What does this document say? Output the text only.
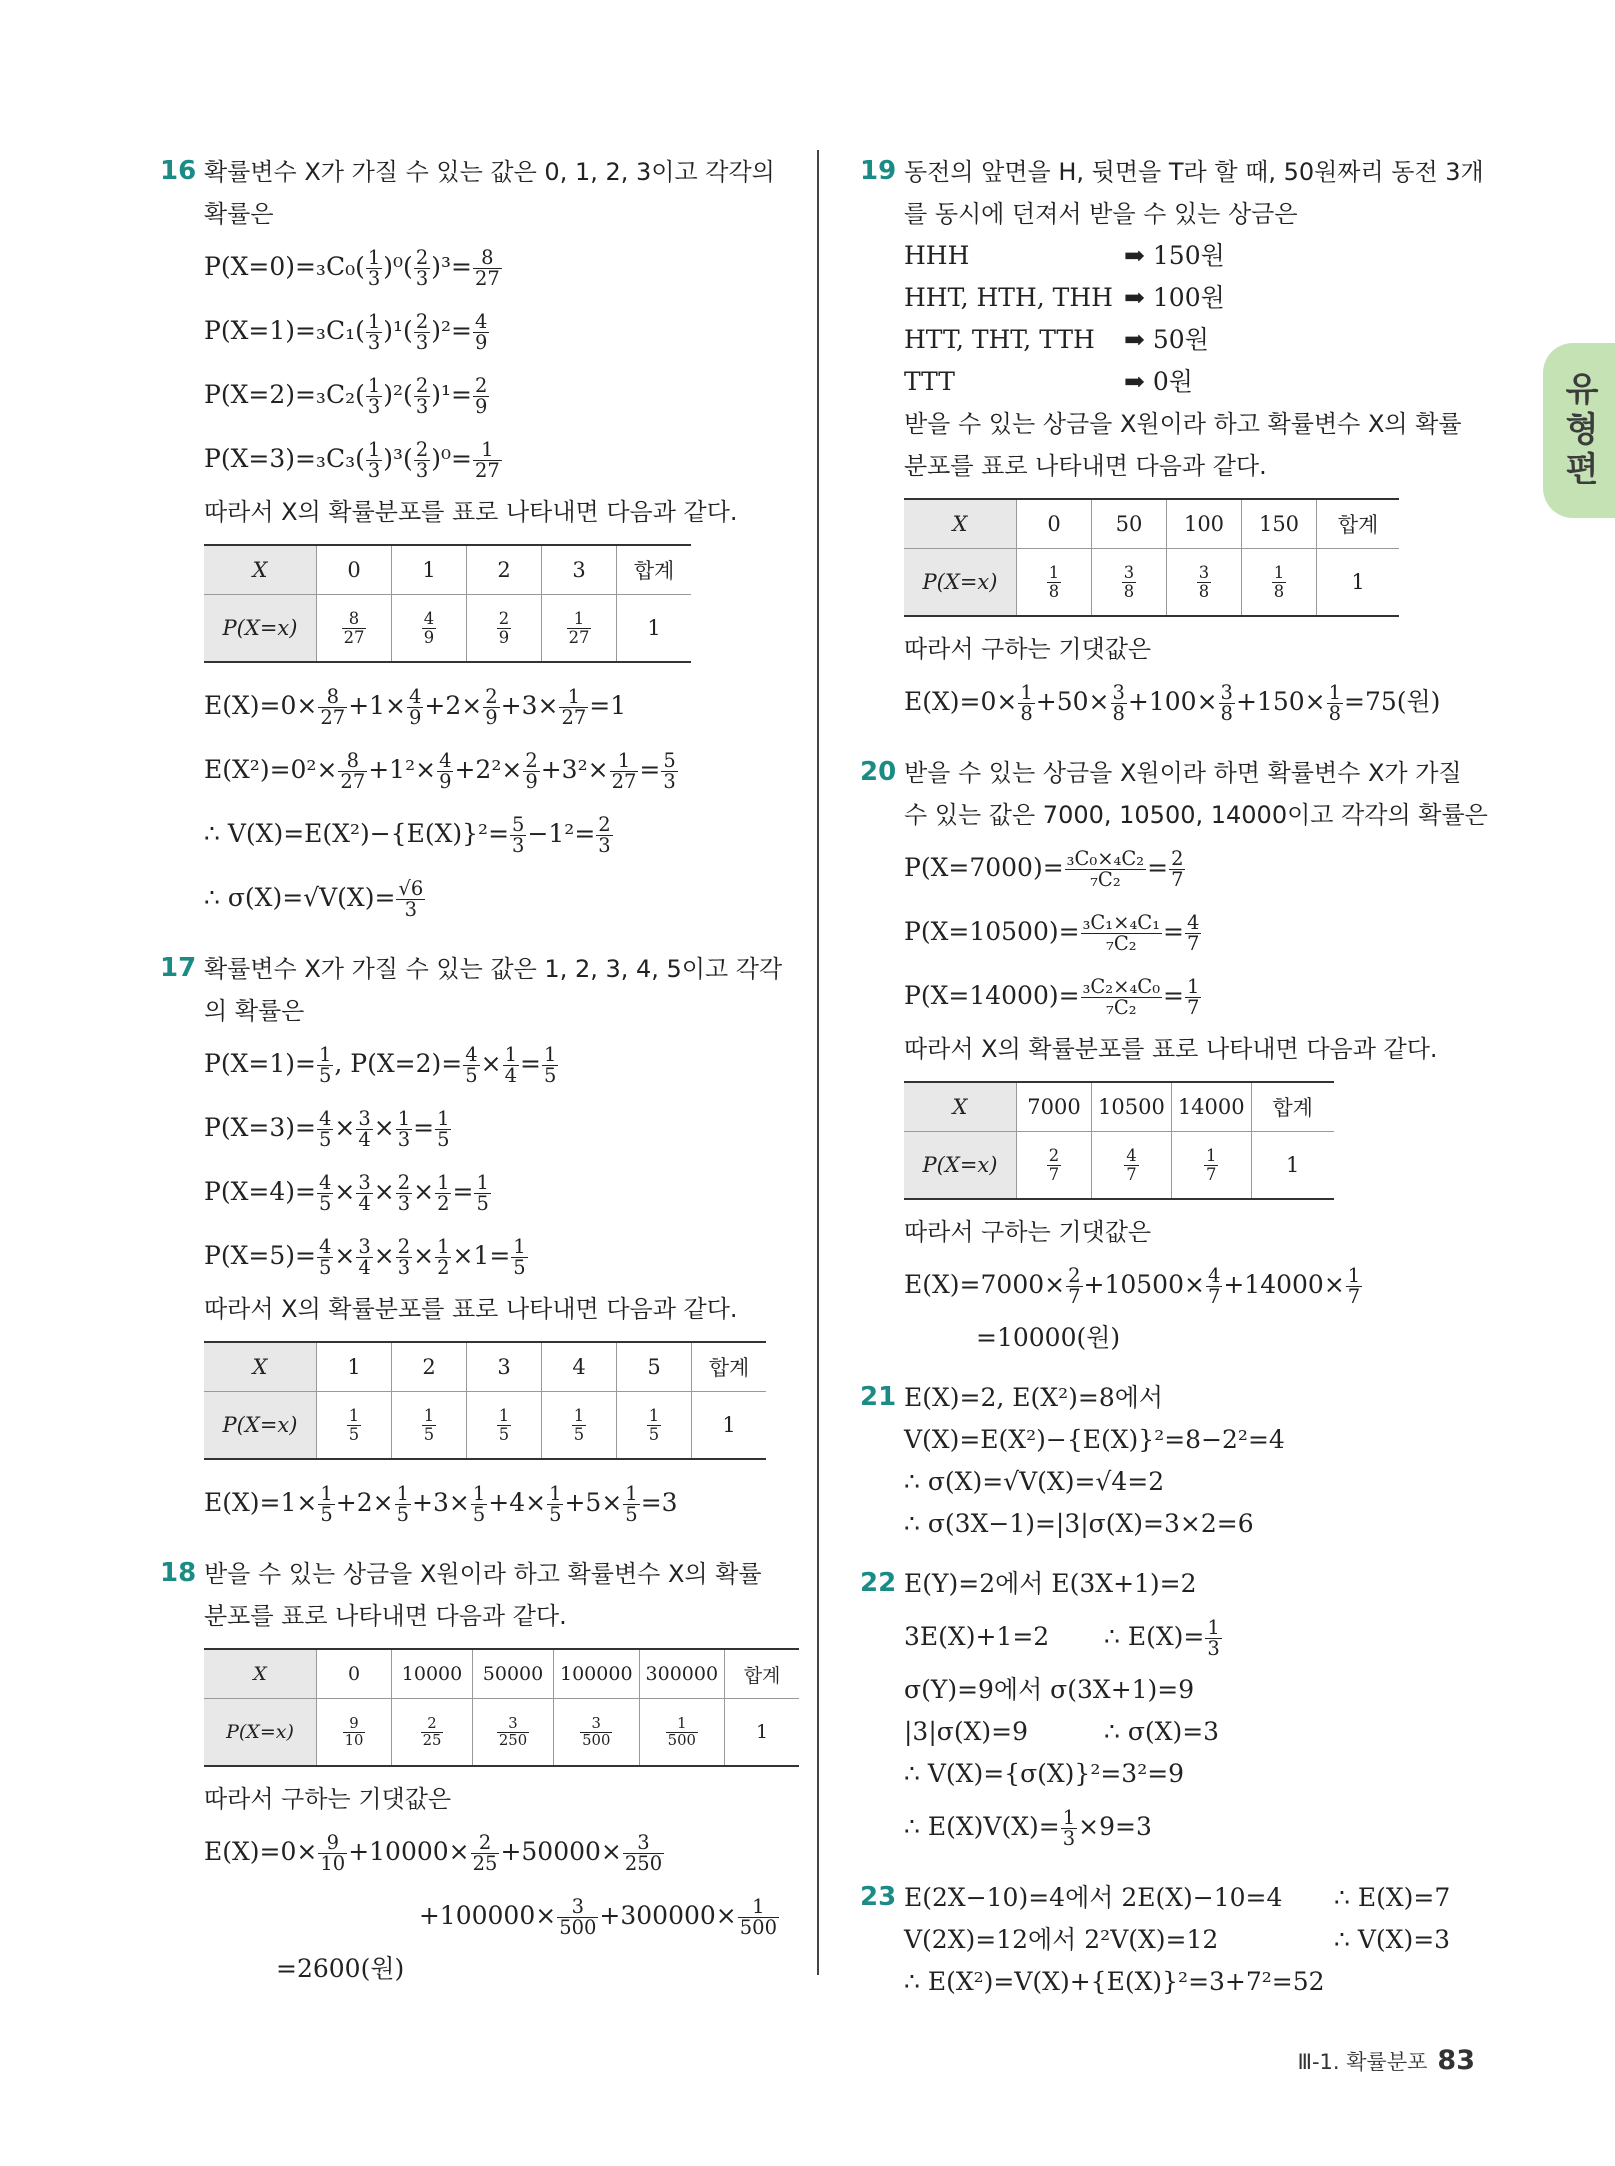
16 확률변수 X가 가질 수 있는 값은 0, 1, 2, 3이고 각각의
확률은
$P(X=0)=_3C_0( \frac{1}{3} )^0( \frac{2}{3} )^3= \frac{8}{27}$
$P(X=1)=_3C_1( \frac{1}{3} )^1( \frac{2}{3} )^2= \frac{4}{9}$
$P(X=2)=_3C_2( \frac{1}{3} )^2( \frac{2}{3} )^1= \frac{2}{9}$
$P(X=3)=_3C_3( \frac{1}{3} )^3( \frac{2}{3} )^0= \frac{1}{27}$
따라서 X의 확률분포를 표로 나타내면 다음과 같다.
X	0	1	2	3	합계
P(X=x)	$\frac{8}{27}$	$\frac{4}{9}$	$\frac{2}{9}$	$\frac{1}{27}$	1
$E(X)=0\times \frac{8}{27} +1\times \frac{4}{9} +2\times \frac{2}{9} +3\times \frac{1}{27} =1$
$E(X^2)=0^2\times \frac{8}{27} +1^2\times \frac{4}{9} +2^2\times \frac{2}{9} +3^2\times \frac{1}{27} = \frac{5}{3}$
∴ $V(X)=E(X^2)-\{E(X)\}^2= \frac{5}{3} -1^2= \frac{2}{3}$
∴ $\sigma(X)=√V(X)= \frac{√6}{3}$
17 확률변수 X가 가질 수 있는 값은 1, 2, 3, 4, 5이고 각각
의 확률은
$P(X=1)= \frac{1}{5}$ , $P(X=2)= \frac{4}{5} \times \frac{1}{4} = \frac{1}{5}$
$P(X=3)= \frac{4}{5} \times \frac{3}{4} \times \frac{1}{3} = \frac{1}{5}$
$P(X=4)= \frac{4}{5} \times \frac{3}{4} \times \frac{2}{3} \times \frac{1}{2} = \frac{1}{5}$
$P(X=5)= \frac{4}{5} \times \frac{3}{4} \times \frac{2}{3} \times \frac{1}{2} \times 1= \frac{1}{5}$
따라서 X의 확률분포를 표로 나타내면 다음과 같다.
X	1	2	3	4	5	합계
P(X=x)	$\frac{1}{5}$	$\frac{1}{5}$	$\frac{1}{5}$	$\frac{1}{5}$	$\frac{1}{5}$	1
$E(X)=1\times \frac{1}{5} +2\times \frac{1}{5} +3\times \frac{1}{5} +4\times \frac{1}{5} +5\times \frac{1}{5} =3$
18 받을 수 있는 상금을 X원이라 하고 확률변수 X의 확률
분포를 표로 나타내면 다음과 같다.
X	0	10000	50000	100000	300000	합계
P(X=x)	$\frac{9}{10}$	$\frac{2}{25}$	$\frac{3}{250}$	$\frac{3}{500}$	$\frac{1}{500}$	1
따라서 구하는 기댓값은
$E(X)=0\times \frac{9}{10} +10000\times \frac{2}{25} +50000\times \frac{3}{250}$
$+100000\times \frac{3}{500} +300000\times \frac{1}{500}$
=2600(원)
19 동전의 앞면을 H, 뒷면을 T라 할 때, 50원짜리 동전 3개
를 동시에 던져서 받을 수 있는 상금은
HHH	➡ 150원
HHT, HTH, THH ➡ 100원
HTT, THT, TTH ➡ 50원
TTT	➡ 0원
받을 수 있는 상금을 X원이라 하고 확률변수 X의 확률
분포를 표로 나타내면 다음과 같다.
X	0	50	100	150	합계
P(X=x)	$\frac{1}{8}$	$\frac{3}{8}$	$\frac{3}{8}$	$\frac{1}{8}$	1
따라서 구하는 기댓값은
$E(X)=0\times \frac{1}{8} +50\times \frac{3}{8} +100\times \frac{3}{8} +150\times \frac{1}{8} =75$(원)
20 받을 수 있는 상금을 X원이라 하면 확률변수 X가 가질
수 있는 값은 7000, 10500, 14000이고 각각의 확률은
$P(X=7000)= \frac{\text{₃C₀×₄C₂}}{\text{₇C₂}} = \frac{2}{7}$
$P(X=10500)= \frac{\text{₃C₁×₄C₁}}{\text{₇C₂}} = \frac{4}{7}$
$P(X=14000)= \frac{\text{₃C₂×₄C₀}}{\text{₇C₂}} = \frac{1}{7}$
따라서 X의 확률분포를 표로 나타내면 다음과 같다.
X	7000	10500	14000	합계
P(X=x)	$\frac{2}{7}$	$\frac{4}{7}$	$\frac{1}{7}$	1
따라서 구하는 기댓값은
$E(X)=7000\times \frac{2}{7} +10500\times \frac{4}{7} +14000\times \frac{1}{7}$
=10000(원)
21 E(X)=2, E(X²)=8에서
V(X)=E(X²)−{E(X)}²=8−2²=4
∴ σ(X)=√V(X)=√4=2
∴ σ(3X−1)=|3|σ(X)=3×2=6
22 E(Y)=2에서 E(3X+1)=2
3E(X)+1=2 ∴ $E(X)= \frac{1}{3}$
σ(Y)=9에서 σ(3X+1)=9
|3|σ(X)=9	∴ σ(X)=3
∴ V(X)={σ(X)}²=3²=9
∴ $E(X)V(X)= \frac{1}{3} \times 9=3$
23 E(2X−10)=4에서 2E(X)−10=4 ∴ E(X)=7
V(2X)=12에서 2²V(X)=12	∴ V(X)=3
∴ E(X²)=V(X)+{E(X)}²=3+7²=52
유형편
Ⅲ-1. 확률분포 83
